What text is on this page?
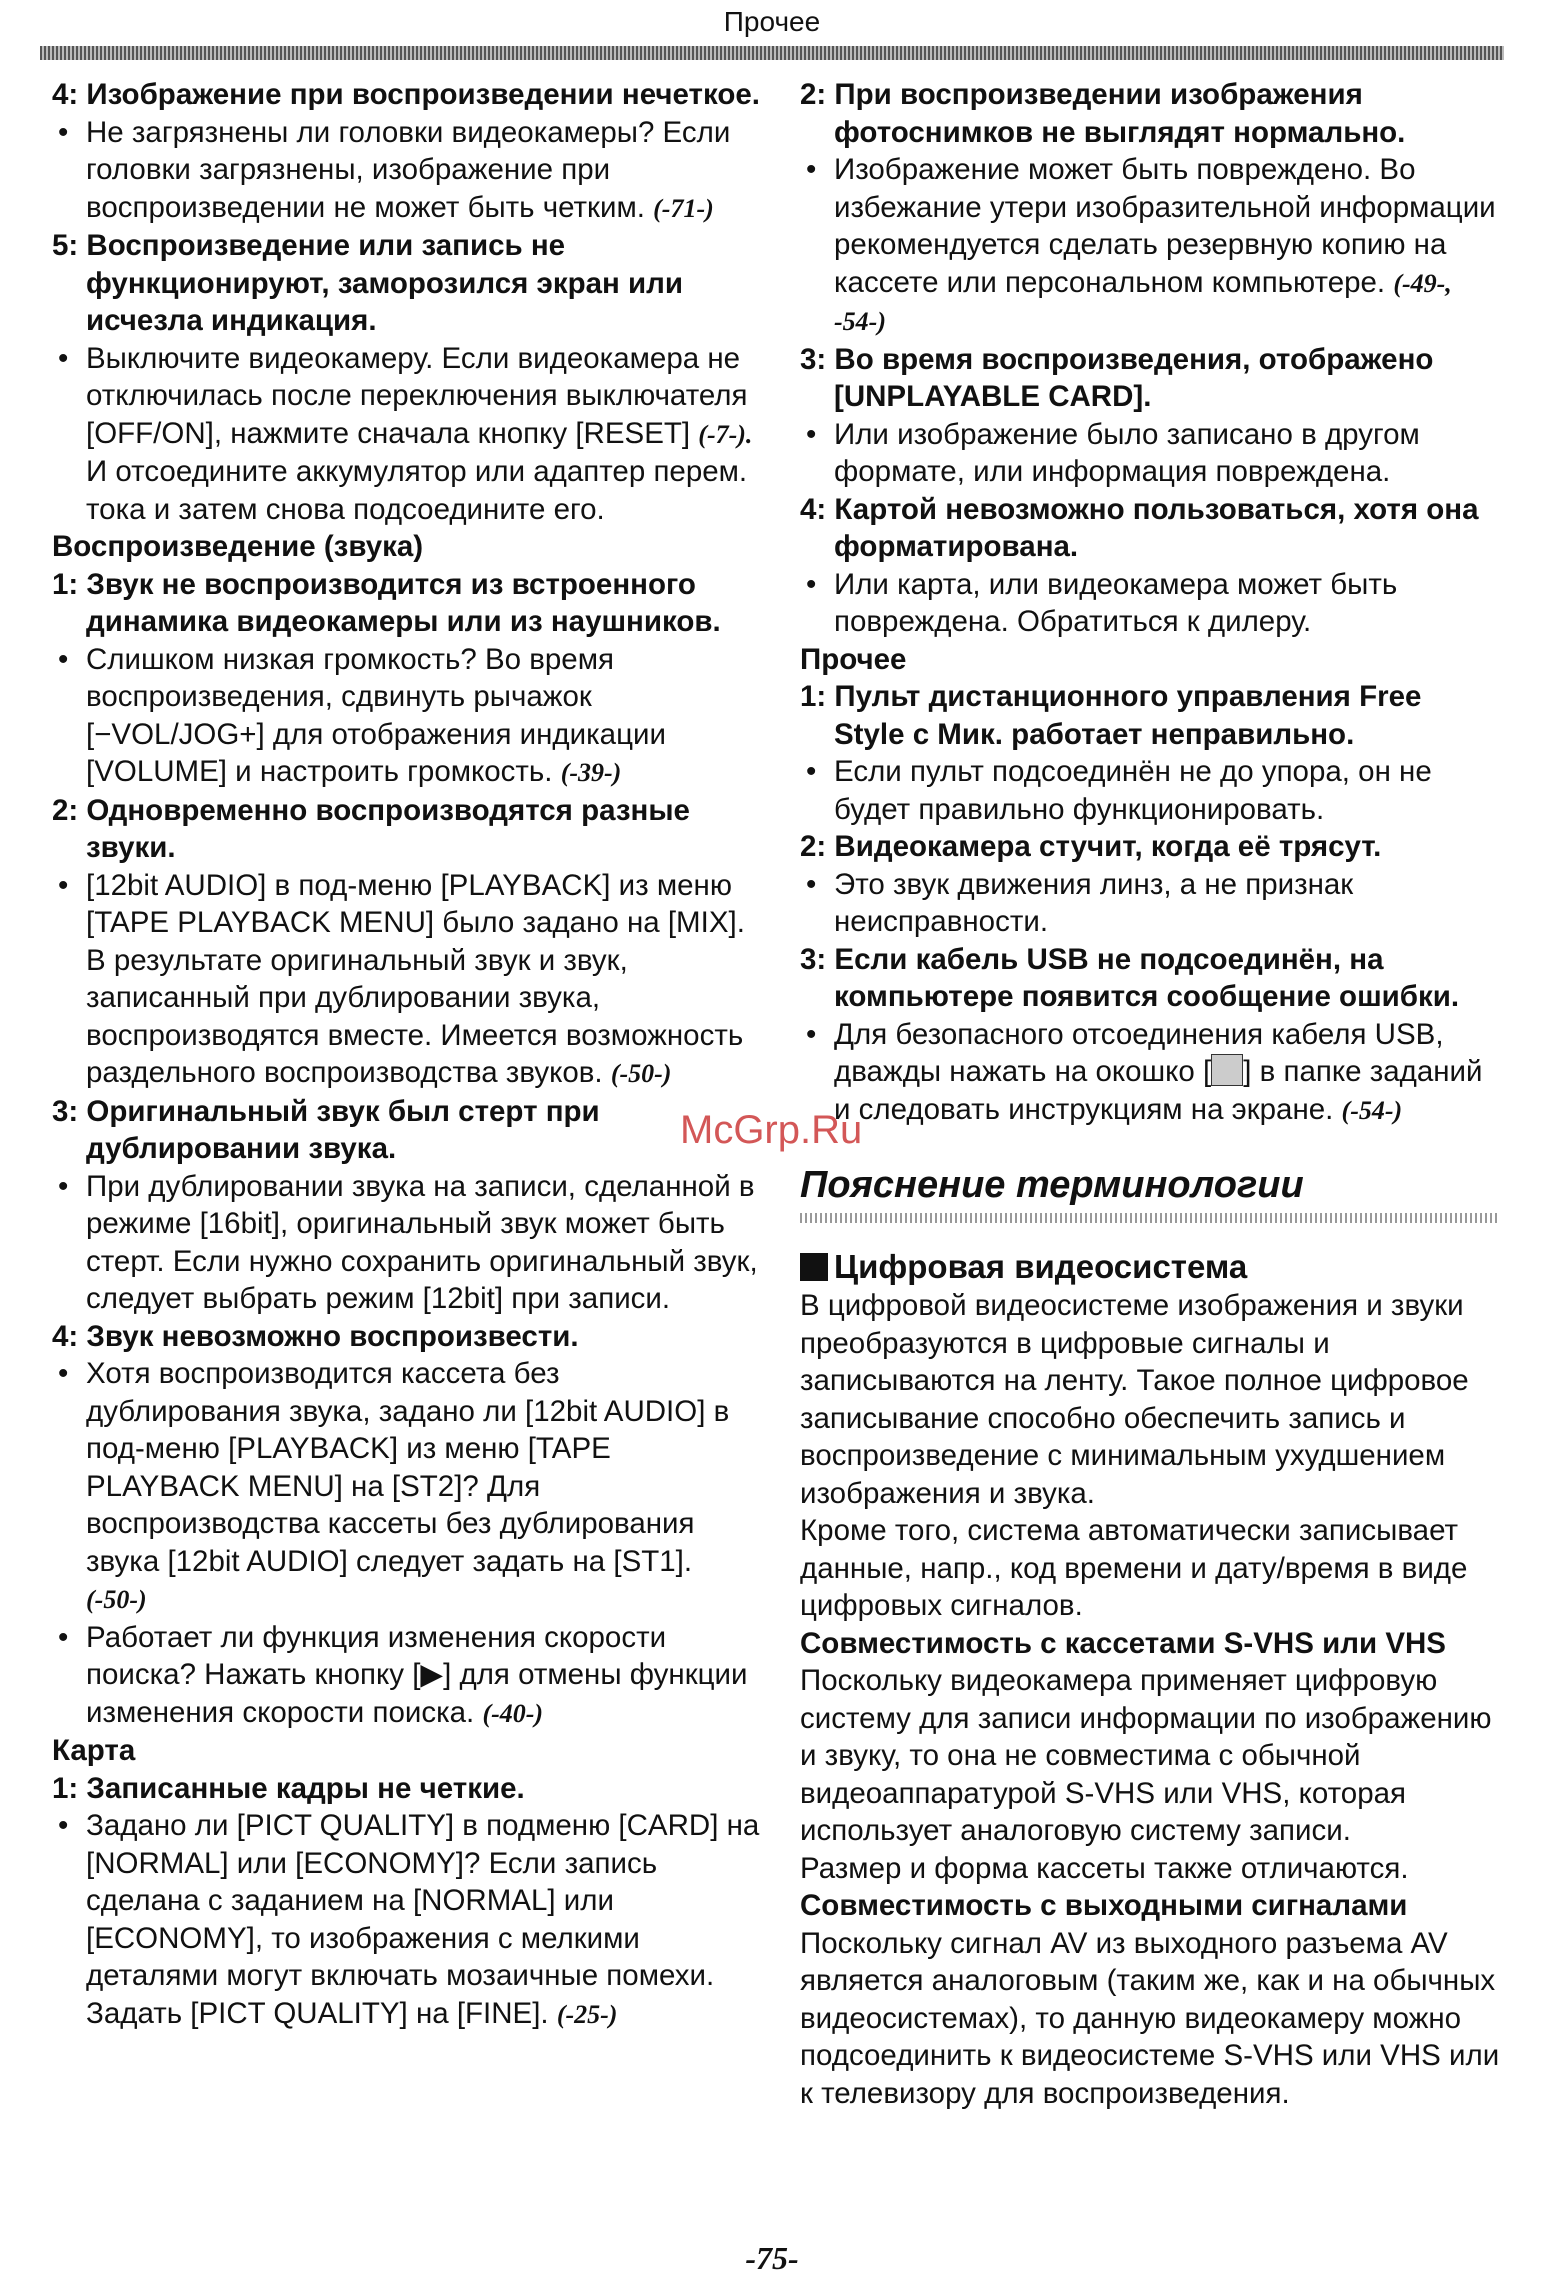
Прочее
4: Изображение при воспроизведении нечеткое.
• Не загрязнены ли головки видеокамеры? Если головки загрязнены, изображение при воспроизведении не может быть четким. (-71-)
5: Воспроизведение или запись не функционируют, заморозился экран или исчезла индикация.
• Выключите видеокамеру. Если видеокамера не отключилась после переключения выключателя [OFF/ON], нажмите сначала кнопку [RESET] (-7-). И отсоедините аккумулятор или адаптер перем. тока и затем снова подсоедините его.
Воспроизведение (звука)
1: Звук не воспроизводится из встроенного динамика видеокамеры или из наушников.
• Слишком низкая громкость? Во время воспроизведения, сдвинуть рычажок [−VOL/JOG+] для отображения индикации [VOLUME] и настроить громкость. (-39-)
2: Одновременно воспроизводятся разные звуки.
• [12bit AUDIO] в под-меню [PLAYBACK] из меню [TAPE PLAYBACK MENU] было задано на [MIX]. В результате оригинальный звук и звук, записанный при дублировании звука, воспроизводятся вместе. Имеется возможность раздельного воспроизводства звуков. (-50-)
3: Оригинальный звук был стерт при дублировании звука.
• При дублировании звука на записи, сделанной в режиме [16bit], оригинальный звук может быть стерт. Если нужно сохранить оригинальный звук, следует выбрать режим [12bit] при записи.
4: Звук невозможно воспроизвести.
• Хотя воспроизводится кассета без дублирования звука, задано ли [12bit AUDIO] в под-меню [PLAYBACK] из меню [TAPE PLAYBACK MENU] на [ST2]? Для воспроизводства кассеты без дублирования звука [12bit AUDIO] следует задать на [ST1]. (-50-)
• Работает ли функция изменения скорости поиска? Нажать кнопку [▶] для отмены функции изменения скорости поиска. (-40-)
Карта
1: Записанные кадры не четкие.
• Задано ли [PICT QUALITY] в подменю [CARD] на [NORMAL] или [ECONOMY]? Если запись сделана с заданием на [NORMAL] или [ECONOMY], то изображения с мелкими деталями могут включать мозаичные помехи. Задать [PICT QUALITY] на [FINE]. (-25-)
2: При воспроизведении изображения фотоснимков не выглядят нормально.
• Изображение может быть повреждено. Во избежание утери изобразительной информации рекомендуется сделать резервную копию на кассете или персональном компьютере. (-49-, -54-)
3: Во время воспроизведения, отображено [UNPLAYABLE CARD].
• Или изображение было записано в другом формате, или информация повреждена.
4: Картой невозможно пользоваться, хотя она форматирована.
• Или карта, или видеокамера может быть повреждена. Обратиться к дилеру.
Прочее
1: Пульт дистанционного управления Free Style с Мик. работает неправильно.
• Если пульт подсоединён не до упора, он не будет правильно функционировать.
2: Видеокамера стучит, когда её трясут.
• Это звук движения линз, а не признак неисправности.
3: Если кабель USB не подсоединён, на компьютере появится сообщение ошибки.
• Для безопасного отсоединения кабеля USB, дважды нажать на окошко [ ] в папке заданий и следовать инструкциям на экране. (-54-)
Пояснение терминологии
Цифровая видеосистема
В цифровой видеосистеме изображения и звуки преобразуются в цифровые сигналы и записываются на ленту. Такое полное цифровое записывание способно обеспечить запись и воспроизведение с минимальным ухудшением изображения и звука.
Кроме того, система автоматически записывает данные, напр., код времени и дату/время в виде цифровых сигналов.
Совместимость с кассетами S-VHS или VHS
Поскольку видеокамера применяет цифровую систему для записи информации по изображению и звуку, то она не совместима с обычной видеоаппаратурой S-VHS или VHS, которая использует аналоговую систему записи.
Размер и форма кассеты также отличаются.
Совместимость с выходными сигналами
Поскольку сигнал AV из выходного разъема AV является аналоговым (таким же, как и на обычных видеосистемах), то данную видеокамеру можно подсоединить к видеосистеме S-VHS или VHS или к телевизору для воспроизведения.
McGrp.Ru
-75-
